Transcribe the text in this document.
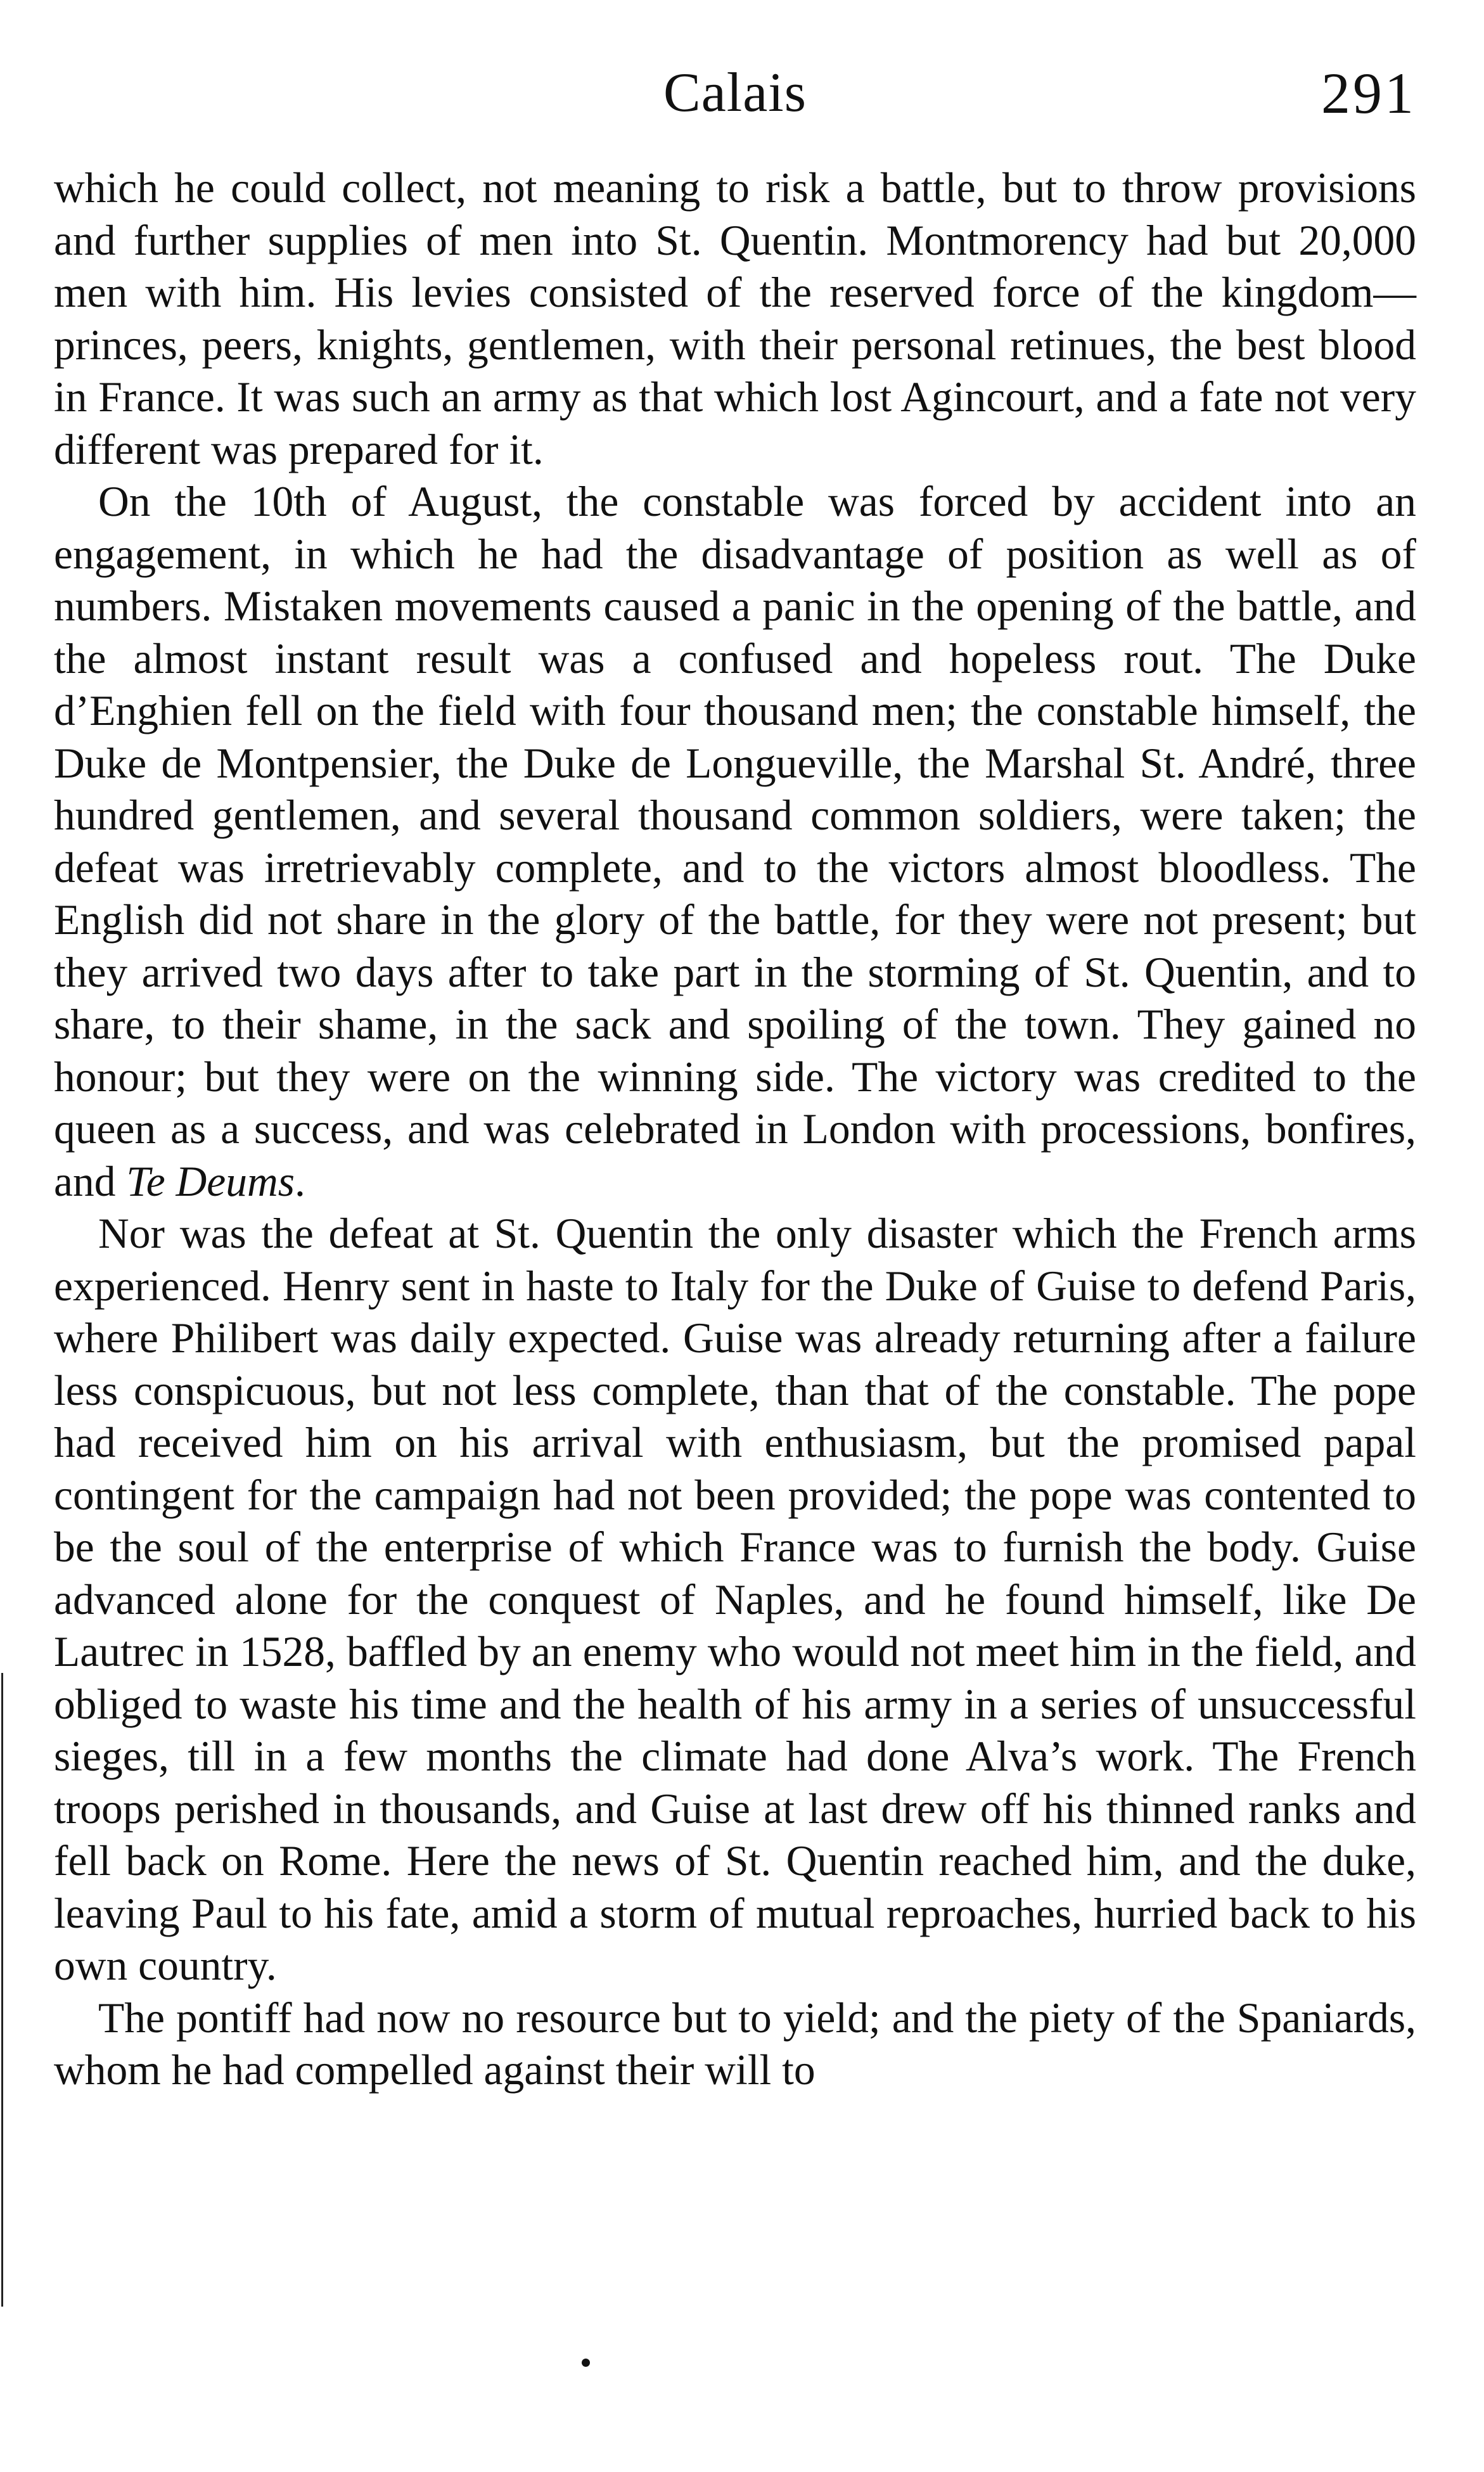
Calais	291

which he could collect, not meaning to risk a battle, but to throw provisions and further supplies of men into St. Quentin. Montmorency had but 20,000 men with him. His levies consisted of the reserved force of the kingdom—princes, peers, knights, gentlemen, with their personal retinues, the best blood in France. It was such an army as that which lost Agincourt, and a fate not very different was prepared for it.

On the 10th of August, the constable was forced by accident into an engagement, in which he had the disadvantage of position as well as of numbers. Mistaken movements caused a panic in the opening of the battle, and the almost instant result was a confused and hopeless rout. The Duke d’Enghien fell on the field with four thousand men; the constable himself, the Duke de Montpensier, the Duke de Longueville, the Marshal St. André, three hundred gentlemen, and several thousand common soldiers, were taken; the defeat was irretrievably complete, and to the victors almost bloodless. The English did not share in the glory of the battle, for they were not present; but they arrived two days after to take part in the storming of St. Quentin, and to share, to their shame, in the sack and spoiling of the town. They gained no honour; but they were on the winning side. The victory was credited to the queen as a success, and was celebrated in London with processions, bonfires, and Te Deums.

Nor was the defeat at St. Quentin the only disaster which the French arms experienced. Henry sent in haste to Italy for the Duke of Guise to defend Paris, where Philibert was daily expected. Guise was already returning after a failure less conspicuous, but not less complete, than that of the constable. The pope had received him on his arrival with enthusiasm, but the promised papal contingent for the campaign had not been provided; the pope was contented to be the soul of the enterprise of which France was to furnish the body. Guise advanced alone for the conquest of Naples, and he found himself, like De Lautrec in 1528, baffled by an enemy who would not meet him in the field, and obliged to waste his time and the health of his army in a series of unsuccessful sieges, till in a few months the climate had done Alva’s work. The French troops perished in thousands, and Guise at last drew off his thinned ranks and fell back on Rome. Here the news of St. Quentin reached him, and the duke, leaving Paul to his fate, amid a storm of mutual reproaches, hurried back to his own country.

The pontiff had now no resource but to yield; and the piety of the Spaniards, whom he had compelled against their will to
